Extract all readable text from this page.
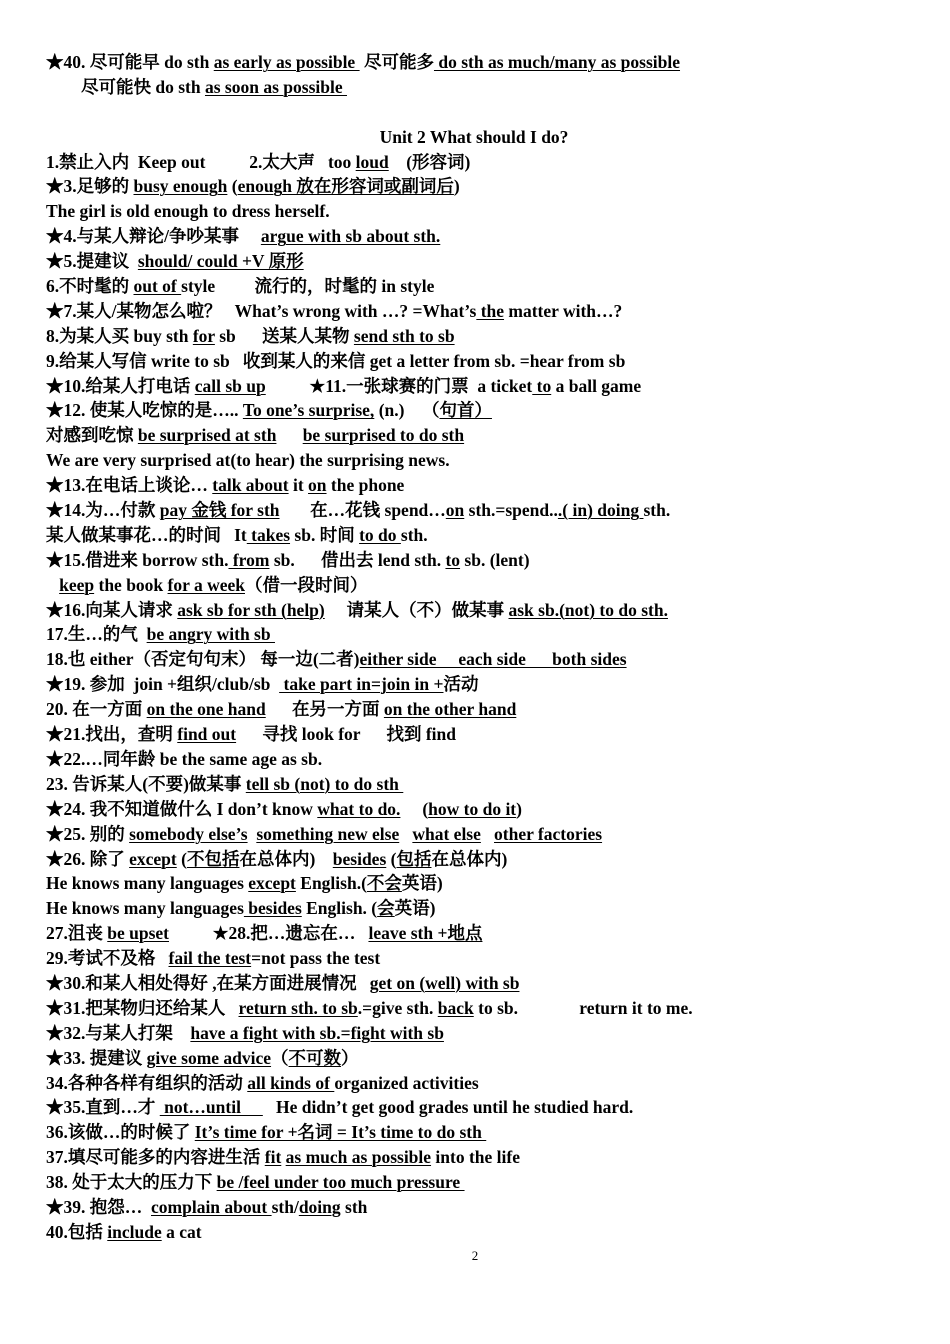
★40. 尽可能早 do sth as early as possible  尽可能多 do sth as much/many as possible
尽可能快 do sth as soon as possible
Unit 2 What should I do?
1.禁止入内  Keep out          2.太大声   too loud    (形容词)
★3.足够的 busy enough (enough 放在形容词或副词后)
The girl is old enough to dress herself.
★4.与某人辩论/争吵某事     argue with sb about sth.
★5.提建议  should/ could +V 原形
6.不时髦的 out of style         流行的，时髦的 in style
★7.某人/某物怎么啦？   What’s wrong with …? =What’s the matter with…?
8.为某人买 buy sth for sb      送某人某物 send sth to sb
9.给某人写信 write to sb   收到某人的来信 get a letter from sb. =hear from sb
★10.给某人打电话 call sb up          ★11.一张球赛的门票  a ticket to a ball game
★12. 使某人吃惊的是….. To one’s surprise, (n.)    （句首）
对感到吃惊 be surprised at sth be surprised to do sth
We are very surprised at(to hear) the surprising news.
★13.在电话上谈论… talk about it on the phone
★14.为…付款 pay 金钱 for sth       在…花钱 spend…on sth.=spend...( in) doing sth.
某人做某事花…的时间   It takes sb. 时间 to do sth.
★15.借进来 borrow sth. from sb.      借出去 lend sth. to sb. (lent)
keep the book for a week（借一段时间）
★16.向某人请求 ask sb for sth (help)     请某人（不）做某事 ask sb.(not) to do sth.
17.生…的气  be angry with sb
18.也 either（否定句句末） 每一边(二者)either side     each side      both sides
★19. 参加  join +组织/club/sb   take part in=join in +活动
20. 在一方面 on the one hand      在另一方面 on the other hand
★21.找出，查明 find out      寻找 look for      找到 find
★22.…同年龄 be the same age as sb.
23. 告诉某人(不要)做某事 tell sb (not) to do sth
★24. 我不知道做什么 I don’t know what to do.     (how to do it)
★25. 别的 somebody else’s something new else what else other factories
★26. 除了 except (不包括在总体内)    besides (包括在总体内)
He knows many languages except English.(不会英语)
He knows many languages besides English. (会英语)
27.沮丧 be upset          ★28.把…遗忘在…   leave sth +地点
29.考试不及格   fail the test=not pass the test
★30.和某人相处得好 ,在某方面进展情况   get on (well) with sb
★31.把某物归还给某人   return sth. to sb.=give sth. back to sb.              return it to me.
★32.与某人打架    have a fight with sb.=fight with sb
★33. 提建议 give some advice（不可数）
34.各种各样有组织的活动 all kinds of organized activities
★35.直到…才  not…until        He didn’t get good grades until he studied hard.
36.该做…的时候了 It’s time for +名词 = It’s time to do sth
37.填尽可能多的内容进生活 fit as much as possible into the life
38. 处于太大的压力下 be /feel under too much pressure
★39. 抱怨…  complain about sth/doing sth
40.包括 include a cat
2
